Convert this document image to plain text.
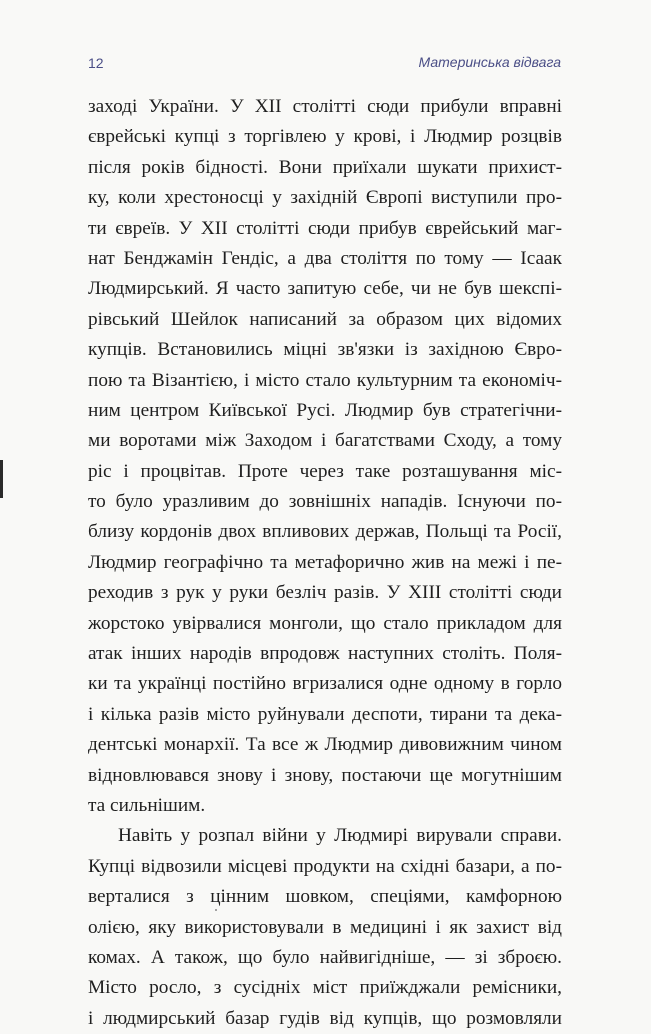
12	Материнська відвага
заході України. У XII столітті сюди прибули вправні
єврейські купці з торгівлею у крові, і Людмир розцвів
після років бідності. Вони приїхали шукати прихист-
ку, коли хрестоносці у західній Європі виступили про-
ти євреїв. У XII столітті сюди прибув єврейський маг-
нат Бенджамін Гендіс, а два століття по тому — Ісаак
Людмирський. Я часто запитую себе, чи не був шекспі-
рівський Шейлок написаний за образом цих відомих
купців. Встановились міцні зв'язки із західною Євро-
пою та Візантією, і місто стало культурним та економіч-
ним центром Київської Русі. Людмир був стратегічни-
ми воротами між Заходом і багатствами Сходу, а тому
ріс і процвітав. Проте через таке розташування міс-
то було уразливим до зовнішніх нападів. Існуючи по-
близу кордонів двох впливових держав, Польщі та Росії,
Людмир географічно та метафорично жив на межі і пе-
реходив з рук у руки безліч разів. У XIII столітті сюди
жорстоко увірвалися монголи, що стало прикладом для
атак інших народів впродовж наступних століть. Поля-
ки та українці постійно вгризалися одне одному в горло
і кілька разів місто руйнували деспоти, тирани та дека-
дентські монархії. Та все ж Людмир дивовижним чином
відновлювався знову і знову, постаючи ще могутнішим
та сильнішим.
Навіть у розпал війни у Людмирі вирували справи.
Купці відвозили місцеві продукти на східні базари, а по-
верталися з цінним шовком, спеціями, камфорною
олією, яку використовували в медицині і як захист від
комах. А також, що було найвигідніше, — зі зброєю.
Місто росло, з сусідніх міст приїжджали ремісники,
і людмирський базар гудів від купців, що розмовляли
